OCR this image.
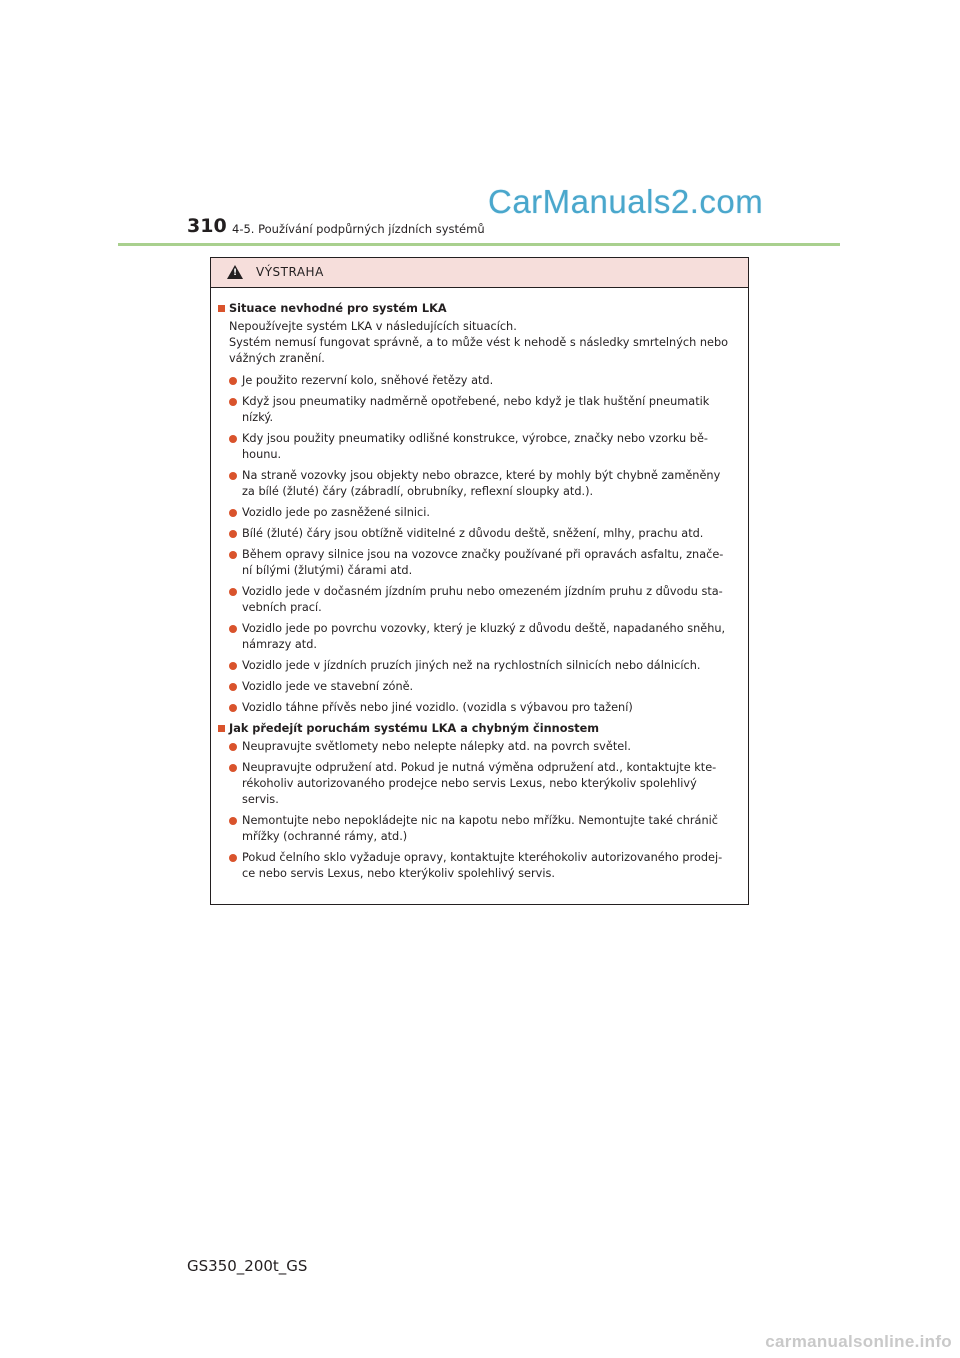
CarManuals2.com
310 4-5. Používání podpůrných jízdních systémů
! VÝSTRAHA
Situace nevhodné pro systém LKA
Nepoužívejte systém LKA v následujících situacích.
Systém nemusí fungovat správně, a to může vést k nehodě s následky smrtelných nebo
vážných zranění.
Je použito rezervní kolo, sněhové řetězy atd.
Když jsou pneumatiky nadměrně opotřebené, nebo když je tlak huštění pneumatik
nízký.
Kdy jsou použity pneumatiky odlišné konstrukce, výrobce, značky nebo vzorku bě-
hounu.
Na straně vozovky jsou objekty nebo obrazce, které by mohly být chybně zaměněny
za bílé (žluté) čáry (zábradlí, obrubníky, reflexní sloupky atd.).
Vozidlo jede po zasněžené silnici.
Bílé (žluté) čáry jsou obtížně viditelné z důvodu deště, sněžení, mlhy, prachu atd.
Během opravy silnice jsou na vozovce značky používané při opravách asfaltu, znače-
ní bílými (žlutými) čárami atd.
Vozidlo jede v dočasném jízdním pruhu nebo omezeném jízdním pruhu z důvodu sta-
vebních prací.
Vozidlo jede po povrchu vozovky, který je kluzký z důvodu deště, napadaného sněhu,
námrazy atd.
Vozidlo jede v jízdních pruzích jiných než na rychlostních silnicích nebo dálnicích.
Vozidlo jede ve stavební zóně.
Vozidlo táhne přívěs nebo jiné vozidlo. (vozidla s výbavou pro tažení)
Jak předejít poruchám systému LKA a chybným činnostem
Neupravujte světlomety nebo nelepte nálepky atd. na povrch světel.
Neupravujte odpružení atd. Pokud je nutná výměna odpružení atd., kontaktujte kte-
rékoholiv autorizovaného prodejce nebo servis Lexus, nebo kterýkoliv spolehlivý
servis.
Nemontujte nebo nepokládejte nic na kapotu nebo mřížku. Nemontujte také chránič
mřížky (ochranné rámy, atd.)
Pokud čelního sklo vyžaduje opravy, kontaktujte kteréhokoliv autorizovaného prodej-
ce nebo servis Lexus, nebo kterýkoliv spolehlivý servis.
GS350_200t_GS
carmanualsonline.info
